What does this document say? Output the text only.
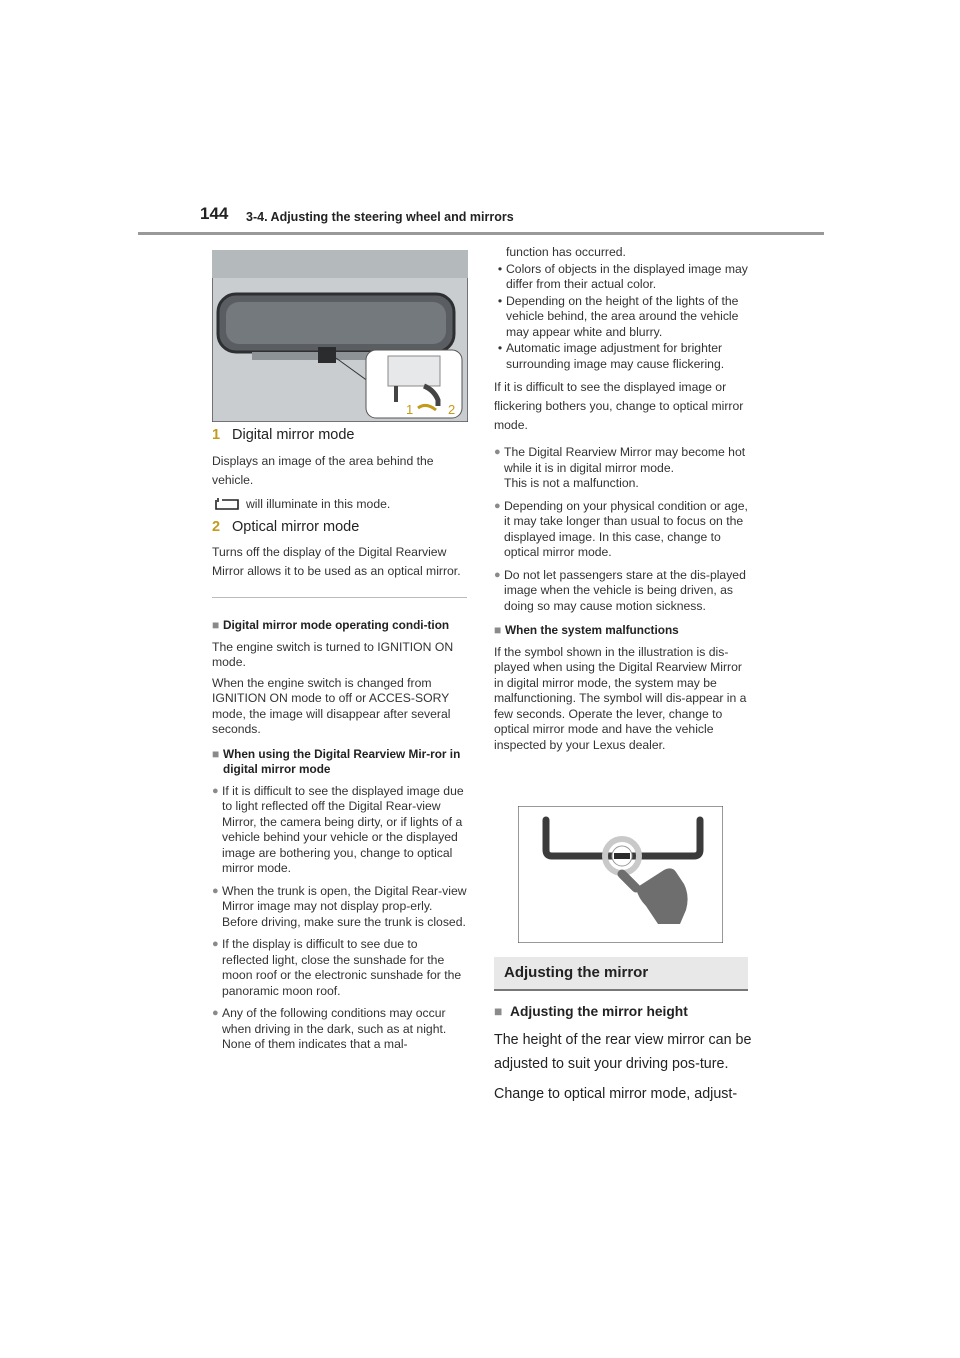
144 3-4. Adjusting the steering wheel and mirrors
1	2
1 Digital mirror mode
Displays an image of the area behind the vehicle.
will illuminate in this mode.
2 Optical mirror mode
Turns off the display of the Digital Rearview Mirror allows it to be used as an optical mirror.
■ Digital mirror mode operating condi-tion
The engine switch is turned to IGNITION ON mode.
When the engine switch is changed from IGNITION ON mode to off or ACCES-SORY mode, the image will disappear after several seconds.
■ When using the Digital Rearview Mir-ror in digital mirror mode
● If it is difficult to see the displayed image due to light reflected off the Digital Rear-view Mirror, the camera being dirty, or if lights of a vehicle behind your vehicle or the displayed image are bothering you, change to optical mirror mode.
● When the trunk is open, the Digital Rear-view Mirror image may not display prop-erly. Before driving, make sure the trunk is closed.
● If the display is difficult to see due to reflected light, close the sunshade for the moon roof or the electronic sunshade for the panoramic moon roof.
● Any of the following conditions may occur when driving in the dark, such as at night. None of them indicates that a mal-
function has occurred.
• Colors of objects in the displayed image may differ from their actual color.
• Depending on the height of the lights of the vehicle behind, the area around the vehicle may appear white and blurry.
• Automatic image adjustment for brighter surrounding image may cause flickering.
If it is difficult to see the displayed image or flickering bothers you, change to optical mirror mode.
● The Digital Rearview Mirror may become hot while it is in digital mirror mode.
This is not a malfunction.
● Depending on your physical condition or age, it may take longer than usual to focus on the displayed image. In this case, change to optical mirror mode.
● Do not let passengers stare at the dis-played image when the vehicle is being driven, as doing so may cause motion sickness.
■ When the system malfunctions
If the symbol shown in the illustration is dis-played when using the Digital Rearview Mirror in digital mirror mode, the system may be malfunctioning. The symbol will dis-appear in a few seconds. Operate the lever, change to optical mirror mode and have the vehicle inspected by your Lexus dealer.
Adjusting the mirror
■ Adjusting the mirror height
The height of the rear view mirror can be adjusted to suit your driving pos-ture.
Change to optical mirror mode, adjust-
